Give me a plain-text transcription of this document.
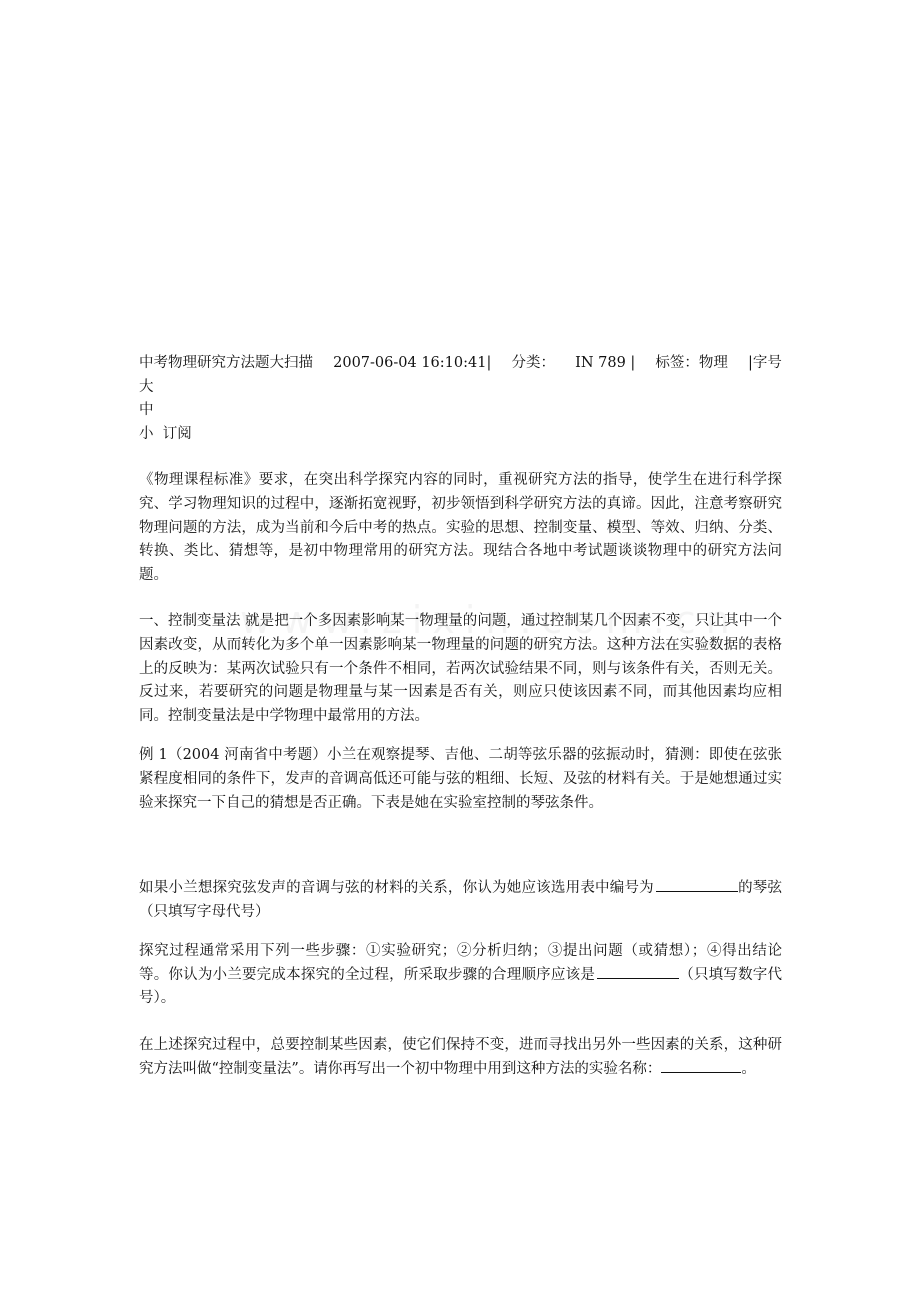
中考物理研究方法题大扫描 2007-06-04 16:10:41| 分类： IN 789 | 标签：物理 |字号
大
中
小 订阅

《物理课程标准》要求，在突出科学探究内容的同时，重视研究方法的指导，使学生在进行科学探究、学习物理知识的过程中，逐渐拓宽视野，初步领悟到科学研究方法的真谛。因此，注意考察研究物理问题的方法，成为当前和今后中考的热点。实验的思想、控制变量、模型、等效、归纳、分类、转换、类比、猜想等，是初中物理常用的研究方法。现结合各地中考试题谈谈物理中的研究方法问题。

一、控制变量法 就是把一个多因素影响某一物理量的问题，通过控制某几个因素不变，只让其中一个因素改变，从而转化为多个单一因素影响某一物理量的问题的研究方法。这种方法在实验数据的表格上的反映为：某两次试验只有一个条件不相同，若两次试验结果不同，则与该条件有关，否则无关。反过来，若要研究的问题是物理量与某一因素是否有关，则应只使该因素不同，而其他因素均应相同。控制变量法是中学物理中最常用的方法。

例 1（2004 河南省中考题）小兰在观察提琴、吉他、二胡等弦乐器的弦振动时，猜测：即使在弦张紧程度相同的条件下，发声的音调高低还可能与弦的粗细、长短、及弦的材料有关。于是她想通过实验来探究一下自己的猜想是否正确。下表是她在实验室控制的琴弦条件。

如果小兰想探究弦发声的音调与弦的材料的关系，你认为她应该选用表中编号为	的琴弦（只填写字母代号）

探究过程通常采用下列一些步骤：①实验研究；②分析归纳；③提出问题（或猜想）；④得出结论等。你认为小兰要完成本探究的全过程，所采取步骤的合理顺序应该是	（只填写数字代号）。

在上述探究过程中，总要控制某些因素，使它们保持不变，进而寻找出另外一些因素的关系，这种研究方法叫做“控制变量法”。请你再写出一个初中物理中用到这种方法的实验名称：	。
